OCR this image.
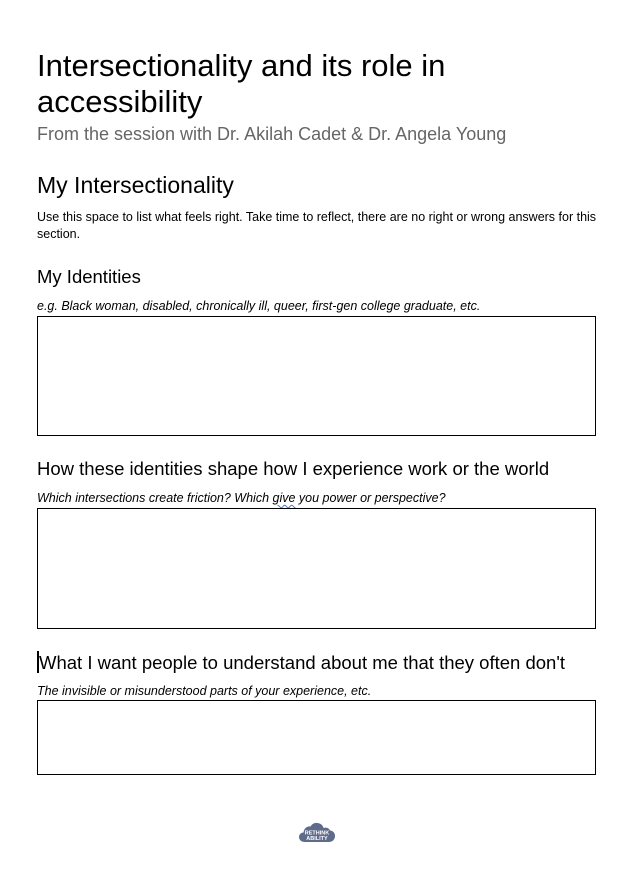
Intersectionality and its role in accessibility

From the session with Dr. Akilah Cadet & Dr. Angela Young

My Intersectionality

Use this space to list what feels right. Take time to reflect, there are no right or wrong answers for this section.

My Identities

e.g. Black woman, disabled, chronically ill, queer, first-gen college graduate, etc.

How these identities shape how I experience work or the world

Which intersections create friction? Which give you power or perspective?

What I want people to understand about me that they often don't

The invisible or misunderstood parts of your experience, etc.

RETHINK
ABILITY
